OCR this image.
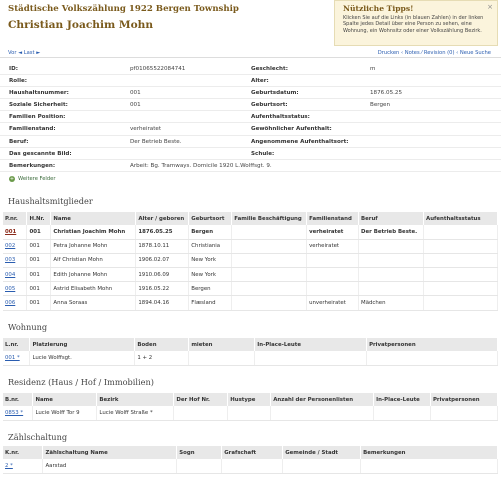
Städtische Volkszählung 1922 Bergen Township
Christian Joachim Mohn
×
Nützliche Tipps!
Klicken Sie auf die Links (in blauen Zahlen) in der linken Spalte jedes Detail über eine Person zu sehen, eine Wohnung, ein Wohnsitz oder einer Volkszählung Bezirk.
Vor ◄ Last ►	Drucken ‹ Notes ⁄ Revision (0) ‹ Neue Suche
ID:	pf01065522084741	Geschlecht:	m
Rolle:	Alter:
Haushaltsnummer:	001	Geburtsdatum:	1876.05.25
Soziale Sicherheit:	001	Geburtsort:	Bergen
Familien Position:	Aufenthaltsstatus:
Familienstand:	verheiratet	Gewöhnlicher Aufenthalt:
Beruf:	Der Betrieb Beste.	Angenommene Aufenthaltsort:
Das gescannte Bild:	Schule:
Bemerkungen:	Arbeit: Bg. Tramways. Domicile 1920 L.Wolffsgt. 9.
+ Weitere Felder
Haushaltsmitglieder
P.nr.	H.Nr.	Name	Alter / geboren	Geburtsort	Familie Beschäftigung	Familienstand	Beruf	Aufenthaltsstatus
001	001	Christian Joachim Mohn	1876.05.25	Bergen		verheiratet	Der Betrieb Beste.	
002	001	Petra Johanne Mohn	1878.10.11	Christiania		verheiratet		
003	001	Alf Christian Mohn	1906.02.07	New York				
004	001	Edith Johanne Mohn	1910.06.09	New York				
005	001	Astrid Elisabeth Mohn	1916.05.22	Bergen				
006	001	Anna Soraas	1894.04.16	Flæsland		unverheiratet	Mädchen	
Wohnung
L.nr.	Platzierung	Boden	mieten	In-Place-Leute	Privatpersonen
001 *	Lucie Wolffsgt.	1 + 2			
Residenz (Haus / Hof / Immobilien)
B.nr.	Name	Bezirk	Der Hof Nr.	Hustype	Anzahl der Personenlisten	In-Place-Leute	Privatpersonen
0853 *	Lucie Wolff Tor 9	Lucie Wolff Straße *					
Zählschaltung
K.nr.	Zählschaltung Name	Sogn	Grafschaft	Gemeinde / Stadt	Bemerkungen
2 *	Aarstad				
